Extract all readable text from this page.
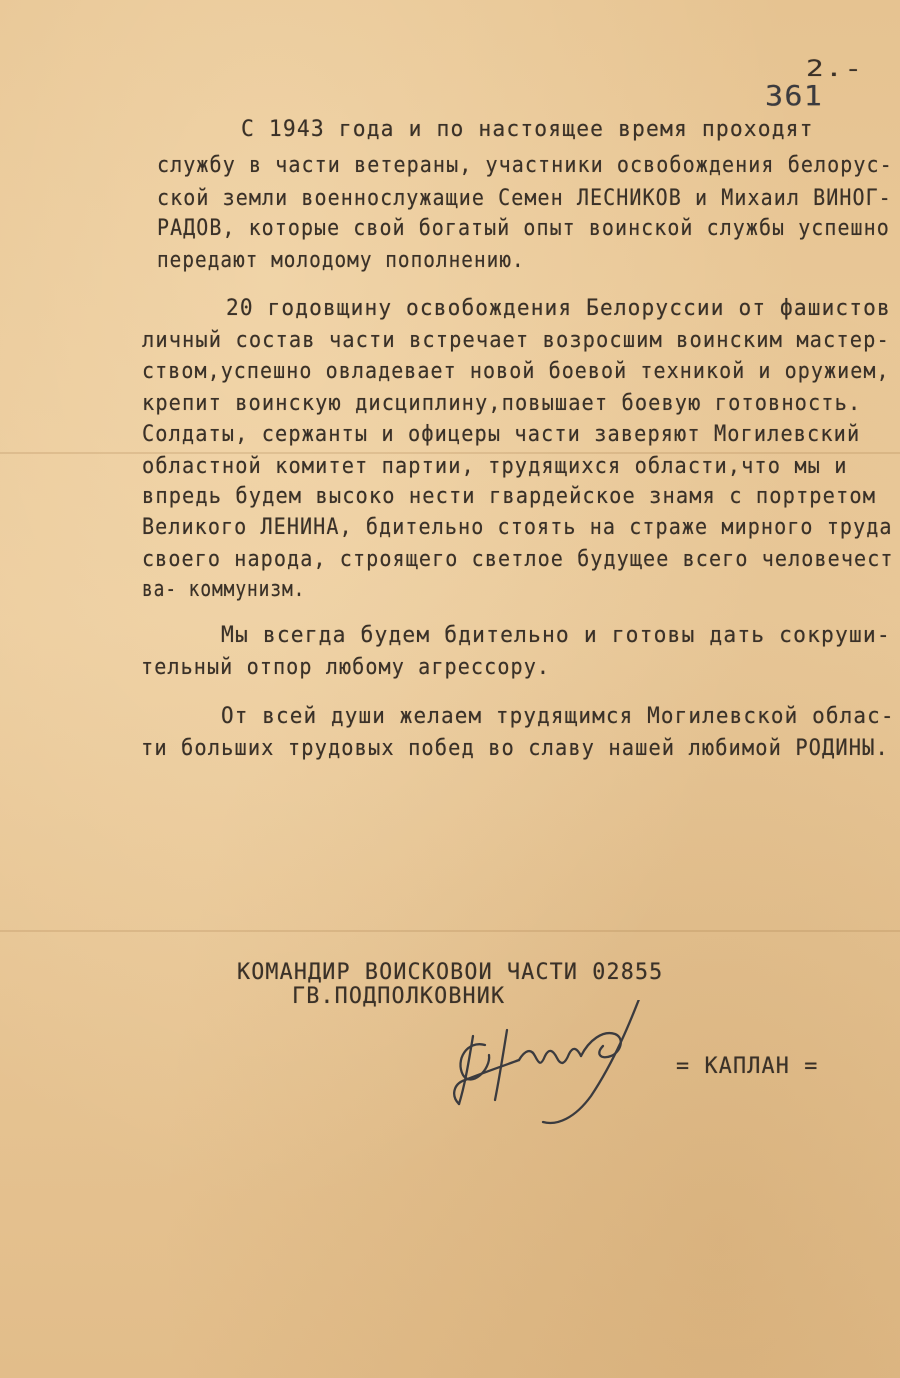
2.-
361
С 1943 года и по настоящее время проходят
службу в части ветераны, участники освобождения белорус-
ской земли военнослужащие Семен ЛЕСНИКОВ и Михаил ВИНОГ-
РАДОВ, которые свой богатый опыт воинской службы успешно
передают молодому пополнению.
20 годовщину освобождения Белоруссии от фашистов
личный состав части встречает возросшим воинским мастер-
ством,успешно овладевает новой боевой техникой и оружием,
крепит воинскую дисциплину,повышает боевую готовность.
Солдаты, сержанты и офицеры части заверяют Могилевский
областной комитет партии, трудящихся области,что мы и
впредь будем высоко нести гвардейское знамя с портретом
Великого ЛЕНИНА, бдительно стоять на страже мирного труда
своего народа, строящего светлое будущее всего человечест
ва- коммунизм.
Мы всегда будем бдительно и готовы дать сокруши-
тельный отпор любому агрессору.
От всей души желаем трудящимся Могилевской облас-
ти больших трудовых побед во славу нашей любимой РОДИНЫ.
КОМАНДИР ВОИСКОВОИ ЧАСТИ 02855
ГВ.ПОДПОЛКОВНИК
= КАПЛАН =
